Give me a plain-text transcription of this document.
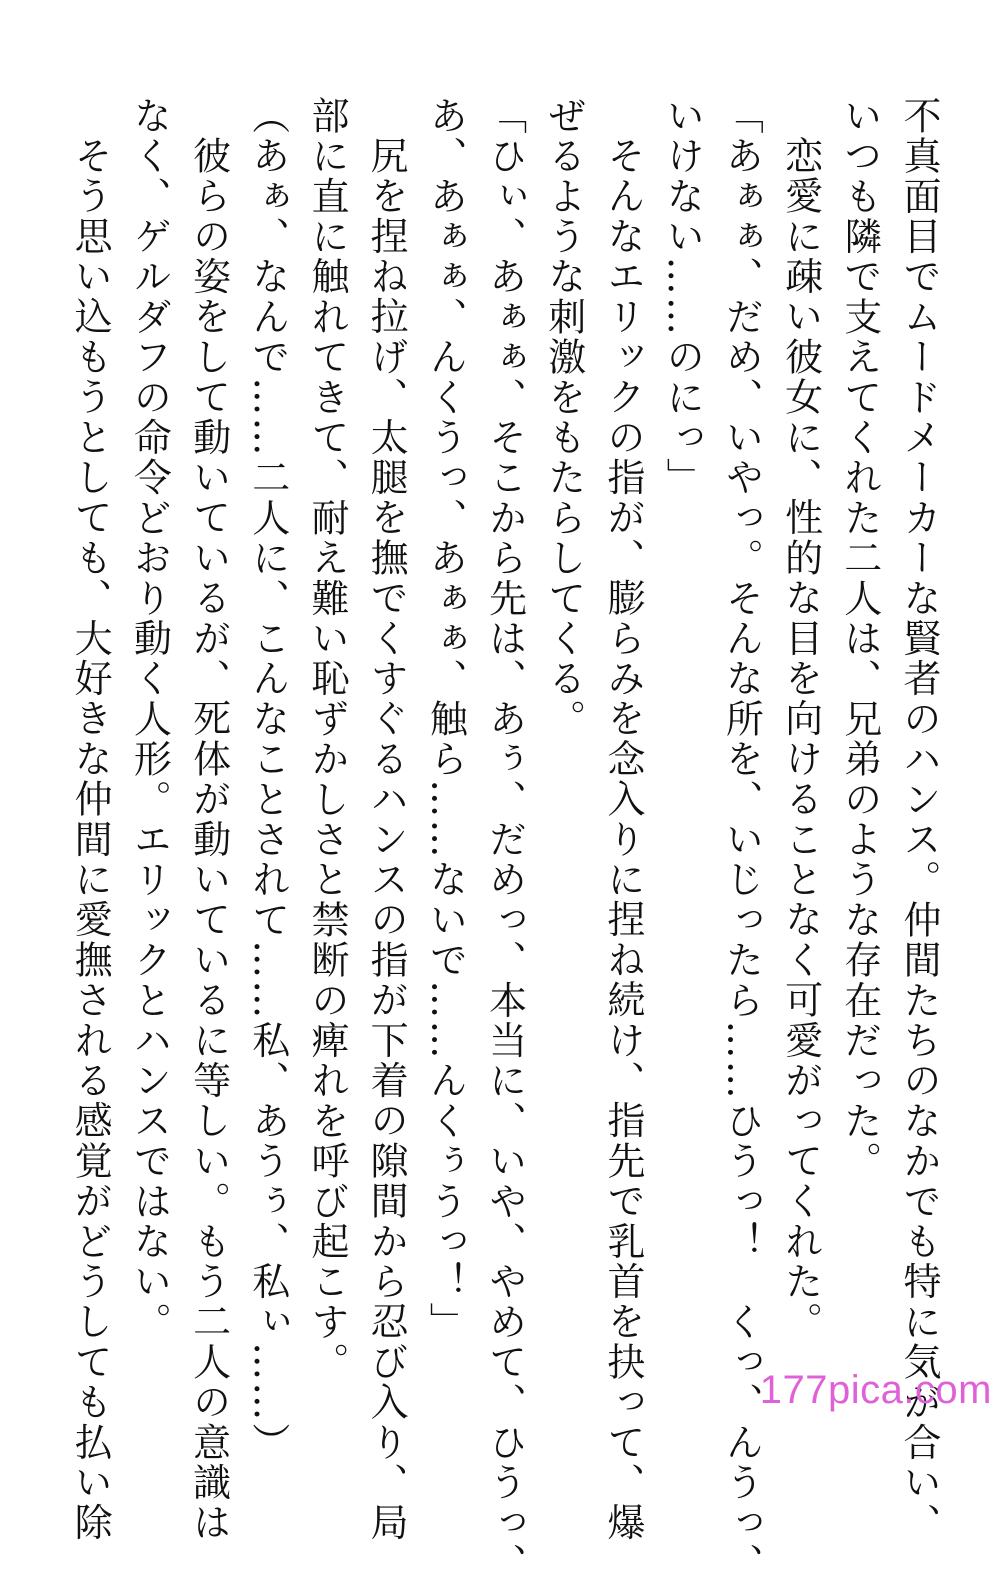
不真面目でムードメーカーな賢者のハンス。仲間たちのなかでも特に気が合い、
いつも隣で支えてくれた二人は、兄弟のような存在だった。
恋愛に疎い彼女に、性的な目を向けることなく可愛がってくれた。
「あぁぁ、だめ、いやっ。そんな所を、いじったら……ひうっ！　くっ、んうっ、
いけない……のにっ」
そんなエリックの指が、膨らみを念入りに捏ね続け、指先で乳首を抉って、爆
ぜるような刺激をもたらしてくる。
「ひぃ、あぁぁ、そこから先は、あぅ、だめっ、本当に、いや、やめて、ひうっ、
あ、あぁぁ、んくうっ、あぁぁ、触ら……ないで……んくぅうっ！」
尻を捏ね拉げ、太腿を撫でくすぐるハンスの指が下着の隙間から忍び入り、局
部に直に触れてきて、耐え難い恥ずかしさと禁断の痺れを呼び起こす。
（あぁ、なんで……二人に、こんなことされて……私、あうぅ、私ぃ……）
彼らの姿をして動いているが、死体が動いているに等しい。もう二人の意識は
なく、ゲルダフの命令どおり動く人形。エリックとハンスではない。
そう思い込もうとしても、大好きな仲間に愛撫される感覚がどうしても払い除	177pica.com
